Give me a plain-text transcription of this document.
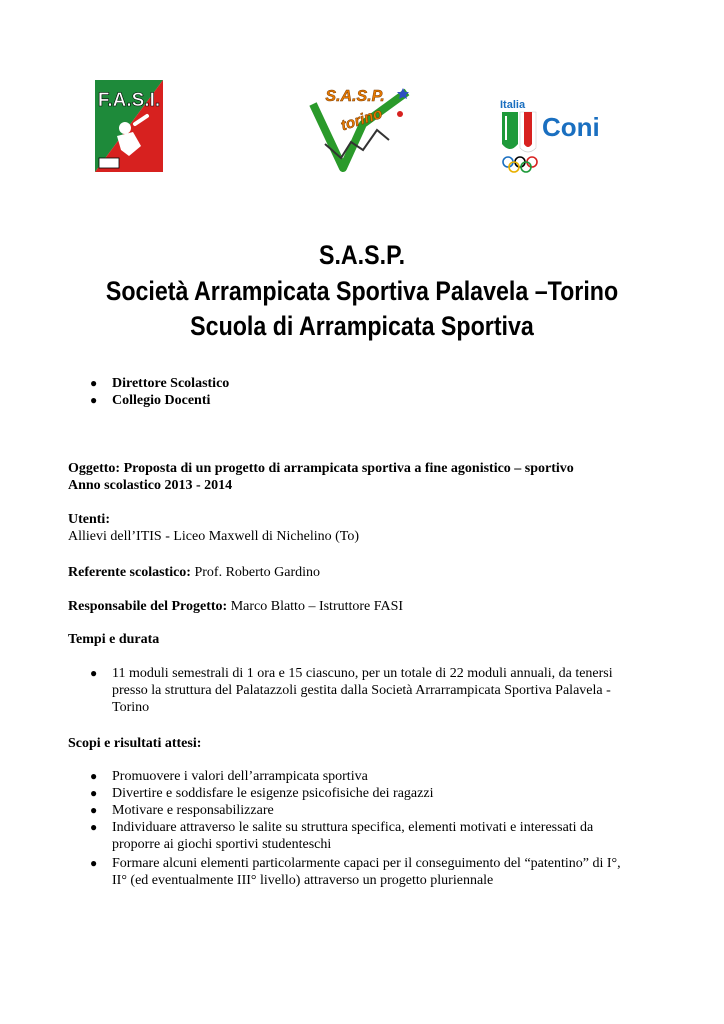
F.A.S.I.	S.A.S.P.
torino
Italia
Coni
S.A.S.P.
Società Arrampicata Sportiva Palavela –Torino
Scuola di Arrampicata Sportiva
● Direttore Scolastico
● Collegio Docenti
Oggetto: Proposta di un progetto di arrampicata sportiva a fine agonistico – sportivo
Anno scolastico 2013 - 2014
Utenti:
Allievi dell’ITIS - Liceo Maxwell di Nichelino (To)
Referente scolastico: Prof. Roberto Gardino
Responsabile del Progetto: Marco Blatto – Istruttore FASI
Tempi e durata
● 11 moduli semestrali di 1 ora e 15 ciascuno, per un totale di 22 moduli annuali, da tenersi
presso la struttura del Palatazzoli gestita dalla Società Arrarrampicata Sportiva Palavela -
Torino
Scopi e risultati attesi:
● Promuovere i valori dell’arrampicata sportiva
● Divertire e soddisfare le esigenze psicofisiche dei ragazzi
● Motivare e responsabilizzare
● Individuare attraverso le salite su struttura specifica, elementi motivati e interessati da
proporre ai giochi sportivi studenteschi
● Formare alcuni elementi particolarmente capaci per il conseguimento del “patentino” di I°,
II° (ed eventualmente III° livello) attraverso un progetto pluriennale
